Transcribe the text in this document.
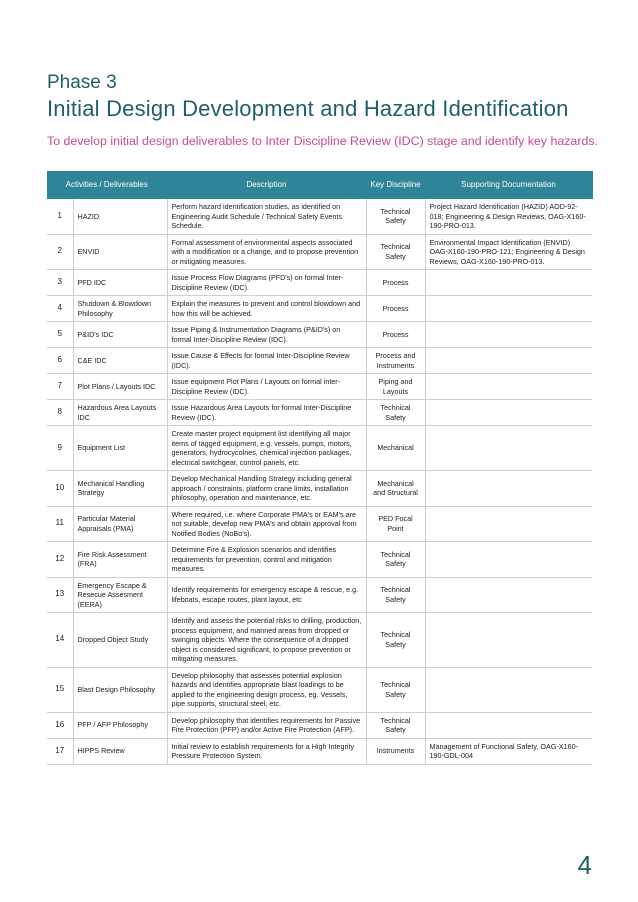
Phase 3
Initial Design Development and Hazard Identification

To develop initial design deliverables to Inter Discipline Review (IDC) stage and identify key hazards.

Activities / Deliverables		Description	Key Discipline	Supporting Documentation
1	HAZID	Perform hazard identification studies, as identified on Engineering Audit Schedule / Technical Safety Events Schedule.	Technical Safety	Project Hazard Identification (HAZID) AOD-92-018; Engineering & Design Reviews, OAG-X160-190-PRO-013.
2	ENVID	Formal assessment of environmental aspects associated with a modification or a change, and to propose prevention or mitigating measures.	Technical Safety	Environmental Impact Identification (ENVID) OAG-X160-190-PRO-121; Engineering & Design Reviews, OAG-X160-190-PRO-013.
3	PFD IDC	Issue Process Flow Diagrams (PFD's) on formal Inter-Discipline Review (IDC).	Process	
4	Shutdown & Blowdown Philosophy	Explain the measures to prevent and control blowdown and how this will be achieved.	Process	
5	P&ID's IDC	Issue Piping & Instrumentation Diagrams (P&ID's) on formal Inter-Discipline Review (IDC).	Process	
6	C&E IDC	Issue Cause & Effects for formal Inter-Discipline Review (IDC).	Process and Instruments	
7	Plot Plans / Layouts IDC	Issue equipment Plot Plans / Layouts on formal inter-Discipline Review (IDC).	Piping and Layouts	
8	Hazardous Area Layouts IDC	Issue Hazardous Area Layouts for formal Inter-Discipline Review (IDC).	Technical Safety	
9	Equipment List	Create master project equipment list identifying all major items of tagged equipment, e.g. vessels, pumps, motors, generators, hydrocycolnes, chemical injection packages, electrical switchgear, control panels, etc.	Mechanical	
10	Mechanical Handling Strategy	Develop Mechanical Handling Strategy including general approach / constraints, platform crane limits, installation philosophy, operation and maintenance, etc.	Mechanical and Structural	
11	Particular Material Appraisals (PMA)	Where required, i.e. where Corporate PMA's or EAM's are not suitable, develop new PMA's and obtain approval from Notified Bodies (NoBo's).	PED Focal Point	
12	Fire Risk Assessment (FRA)	Determine Fire & Explosion scenarios and identifies requirements for prevention, control and mitigation measures.	Technical Safety	
13	Emergency Escape & Resecue Assesment (EERA)	Identify requirements for emergency escape & rescue, e.g. lifeboats, escape routes, plant layout, etc	Technical Safety	
14	Dropped Object Study	Identify and assess the potential risks to drilling, production, process equipment, and manned areas from dropped or swinging objects. Where the consequence of a dropped object is considered significant, to propose prevention or mitigating measures.	Technical Safety	
15	Blast Design Philosophy	Develop philosophy that assesses potential explosion hazards and identifies appropriate blast loadings to be applied to the engineering design process, eg. Vessels, pipe supports, structural steel, etc.	Technical Safety	
16	PFP / AFP Philosophy	Develop philosophy that identifies requirements for Passive Fire Protection (PFP) and/or Active Fire Protection (AFP).	Technical Safety	
17	HIPPS Review	Initial review to establish requirements for a High Integrity Pressure Protection System.	Instruments	Management of Functional Safety, OAG-X160-190-GDL-004

4
